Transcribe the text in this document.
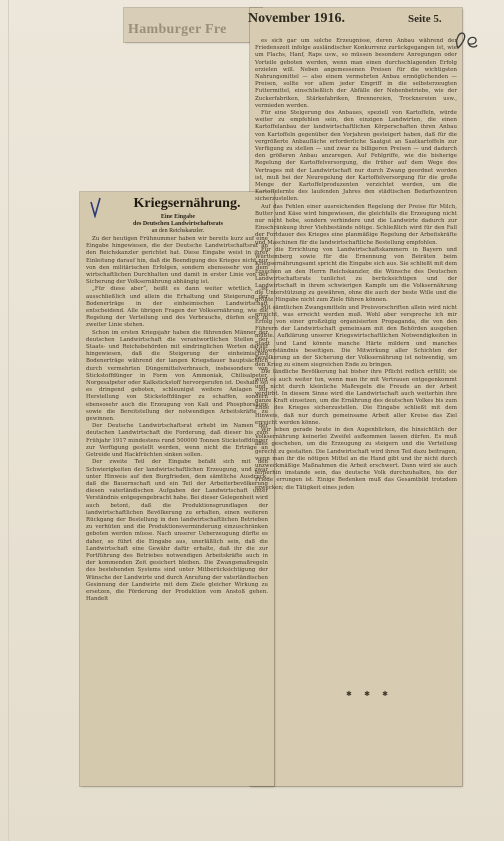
Hamburger Fre
November 1916.	Seite 5.
Kriegsernährung.
Eine Eingabe
des Deutschen Landwirtschaftsrats
an den Reichskanzler.

Zu der heutigen Frühnummer haben wir bereits kurz auf eine Eingabe hingewiesen, die der Deutsche Landwirtschaftsrat an den Reichskanzler gerichtet hat. Diese Eingabe weist in ihrer Einleitung darauf hin, daß die Beendigung des Krieges nicht nur von den militärischen Erfolgen, sondern ebensosehr von dem wirtschaftlichen Durchhalten und damit in erster Linie von der Sicherung der Volksernährung abhängig ist.

„Für diese aber“, heißt es dann weiter wörtlich, „ist ausschließlich und allein die Erhaltung und Steigerung der Bodenerträge in der einheimischen Landwirtschaft entscheidend. Alle übrigen Fragen der Volksernährung, wie die Regelung der Verteilung und des Verbrauchs, dürfen erst in zweiter Linie stehen.

Schon im ersten Kriegsjahr haben die führenden Männer der deutschen Landwirtschaft die verantwortlichen Stellen der Staats- und Reichsbehörden mit eindringlichen Worten darauf hingewiesen, daß die Steigerung der einheimischen Bodenerträge während der langen Kriegsdauer hauptsächlich durch vermehrten Düngemittelverbrauch, insbesondere von Stickstoffdünger in Form von Ammoniak, Chilisalpeter, Norgesalpeter oder Kalkstickstoff hervorgerufen ist. Deshalb sei es dringend geboten, schleunigst weitere Anlagen zur Herstellung von Stickstoffdünger zu schaffen, sondern ebensosehr auch die Erzeugung von Kali und Phosphorsäure sowie die Bereitstellung der notwendigen Arbeitskräfte zu gewinnen.

Der Deutsche Landwirtschaftsrat erhebt im Namen der deutschen Landwirtschaft die Forderung, daß dieser bis zum Frühjahr 1917 mindestens rund 500000 Tonnen Stickstoffdünger zur Verfügung gestellt werden, wenn nicht die Erträge an Getreide und Hackfrüchten sinken sollen.

Der zweite Teil der Eingabe befaßt sich mit den Schwierigkeiten der landwirtschaftlichen Erzeugung, und zwar unter Hinweis auf den Burgfrieden, dem sämtliche Ausdruck, daß die Bauernschaft und ein Teil der Arbeiterbevölkerung diesen vaterländischen Aufgaben der Landwirtschaft unter Verständnis entgegengebracht habe. Bei dieser Gelegenheit wird auch betont, daß die Produktionsgrundlagen der landwirtschaftlichen Bevölkerung zu erhalten, einen weiteren Rückgang der Bestellung in den landwirtschaftlichen Betrieben zu verhüten und die Produktionsverminderung einzuschränken geboten werden müsse. Nach unserer Ueberzeugung dürfte es daher, so führt die Eingabe aus, unerläßlich sein, daß die Landwirtschaft eine Gewähr dafür erhalte, daß ihr die zur Fortführung des Betriebes notwendigen Arbeitskräfte auch in der kommenden Zeit gesichert bleiben. Die Zwangsmaßregeln des bestehenden Systems sind unter Mitberücksichtigung der Wünsche der Landwirte und durch Anrufung der vaterländischen Gesinnung der Landwirte mit dem Ziele gleicher Wirkung zu ersetzen, die Förderung der Produktion vom Anstoß gehen. Handelt

es sich gar um solche Erzeugnisse, deren Anbau während der Friedenszeit infolge ausländischer Konkurrenz zurückgegangen ist, wie um Flachs, Hanf, Raps usw., so müssen besondere Anregungen oder Vorteile geboten werden, wenn man einen durchschlagenden Erfolg erzielen will. Neben angemessenen Preisen für die wichtigsten Nahrungsmittel — also einem vermehrten Anbau ermöglichenden — Preisen, sollte vor allem jeder Eingriff in die selbsterzeugten Futtermittel, einschließlich der Abfälle der Nebenbetriebe, wie der Zuckerfabriken, Stärkefabriken, Brennereien, Trocknereien usw., vermieden werden.

Für eine Steigerung des Anbaues, speziell von Kartoffeln, würde weiter zu empfehlen sein, den einzigen Landwirten, die einen Kartoffelanbau der landwirtschaftlichen Körperschaften ihren Anbau von Kartoffeln gegenüber den Vorjahren gesteigert haben, daß für die vergrößerte Anbaufläche erforderliche Saatgut an Saatkartoffeln zur Verfügung zu stellen — und zwar zu billigeren Preisen — und dadurch den größeren Anbau anzuregen. Auf Fehlgriffe, wie die bisherige Regelung der Kartoffelversorgung, die früher auf dem Wege des Vertrages mit der Landwirtschaft nur durch Zwang geordnet worden ist, muß bei der Neuregelung der Kartoffelversorgung für die große Menge der Kartoffelproduzenten verzichtet werden, um die Kartoffelernte des laufenden Jahres den städtischen Bedarfszentren sicherzustellen.

Auf das Fehlen einer ausreichenden Regelung der Preise für Milch, Butter und Käse wird hingewiesen, die gleichfalls die Erzeugung nicht nur nicht hebe, sondern verhindere und die Landwirte dadurch zur Einschränkung ihrer Viehbestände nötige. Schließlich wird für den Fall der Fortdauer des Krieges eine planmäßige Regelung der Arbeitskräfte und Maschinen für die landwirtschaftliche Bestellung empfohlen.

Für die Errichtung von Landwirtschaftskammern in Bayern und Württemberg sowie für die Ernennung von Beiräten beim Kriegsernährungsamt spricht die Eingabe sich aus. Sie schließt mit dem Ersuchen an den Herrn Reichskanzler, die Wünsche des Deutschen Landwirtschaftsrats tunlichst zu berücksichtigen und der Landwirtschaft in ihrem schwierigen Kampfe um die Volksernährung die Unterstützung zu gewähren, ohne die auch der beste Wille und die größte Hingabe nicht zum Ziele führen können.

Mit sämtlichen Zwangsmitteln und Preisvorschriften allein wird nicht erreicht, was erreicht werden muß. Wohl aber verspreche ich mir Erfolg von einer großzügig organisierten Propaganda, die von den Führern der Landwirtschaft gemeinsam mit den Behörden ausgehen müßte. Aufklärung unserer Kriegswirtschaftlichen Notwendigkeiten in Stadt und Land könnte manche Härte mildern und manches Mißverständnis beseitigen. Die Mitwirkung aller Schichten der Bevölkerung an der Sicherung der Volksernährung ist notwendig, um den Krieg zu einem siegreichen Ende zu bringen.

Die ländliche Bevölkerung hat bisher ihre Pflicht redlich erfüllt; sie wird es auch weiter tun, wenn man ihr mit Vertrauen entgegenkommt und nicht durch kleinliche Maßregeln die Freude an der Arbeit verdirbt. In diesem Sinne wird die Landwirtschaft auch weiterhin ihre ganze Kraft einsetzen, um die Ernährung des deutschen Volkes bis zum Ende des Krieges sicherzustellen. Die Eingabe schließt mit dem Hinweis, daß nur durch gemeinsame Arbeit aller Kreise das Ziel erreicht werden könne.

Wir leben gerade heute in den Augenblicken, die hinsichtlich der Volksernährung keinerlei Zweifel aufkommen lassen dürfen. Es muß alles geschehen, um die Erzeugung zu steigern und die Verteilung gerecht zu gestalten. Die Landwirtschaft wird ihren Teil dazu beitragen, wenn man ihr die nötigen Mittel an die Hand gibt und ihr nicht durch unzweckmäßige Maßnahmen die Arbeit erschwert. Dann wird sie auch fernerhin imstande sein, das deutsche Volk durchzuhalten, bis der Friede errungen ist. Einige Bedenken muß das Gesamtbild trotzdem erwecken; die Tätigkeit eines jeden

✱ ✱ ✱
